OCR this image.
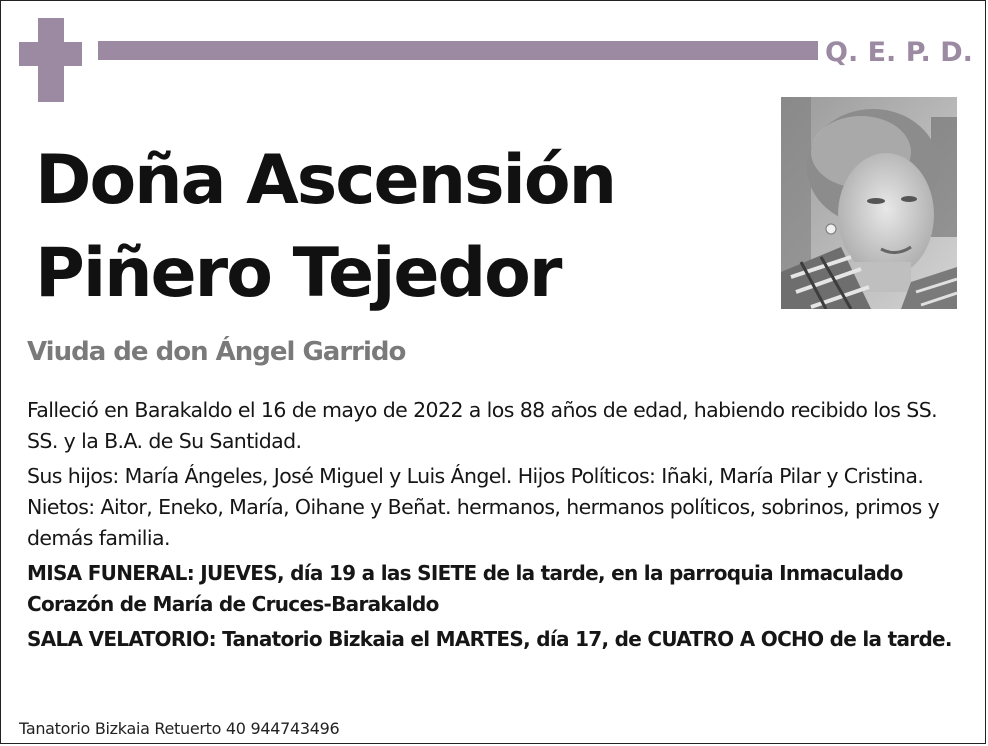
Q. E. P. D.
Doña Ascensión
Piñero Tejedor
Viuda de don Ángel Garrido

Falleció en Barakaldo el 16 de mayo de 2022 a los 88 años de edad, habiendo recibido los SS. SS. y la B.A. de Su Santidad.

Sus hijos: María Ángeles, José Miguel y Luis Ángel. Hijos Políticos: Iñaki, María Pilar y Cristina. Nietos: Aitor, Eneko, María, Oihane y Beñat. hermanos, hermanos políticos, sobrinos, primos y demás familia.

MISA FUNERAL: JUEVES, día 19 a las SIETE de la tarde, en la parroquia Inmaculado Corazón de María de Cruces-Barakaldo

SALA VELATORIO: Tanatorio Bizkaia el MARTES, día 17, de CUATRO A OCHO de la tarde.

Tanatorio Bizkaia Retuerto 40 944743496
